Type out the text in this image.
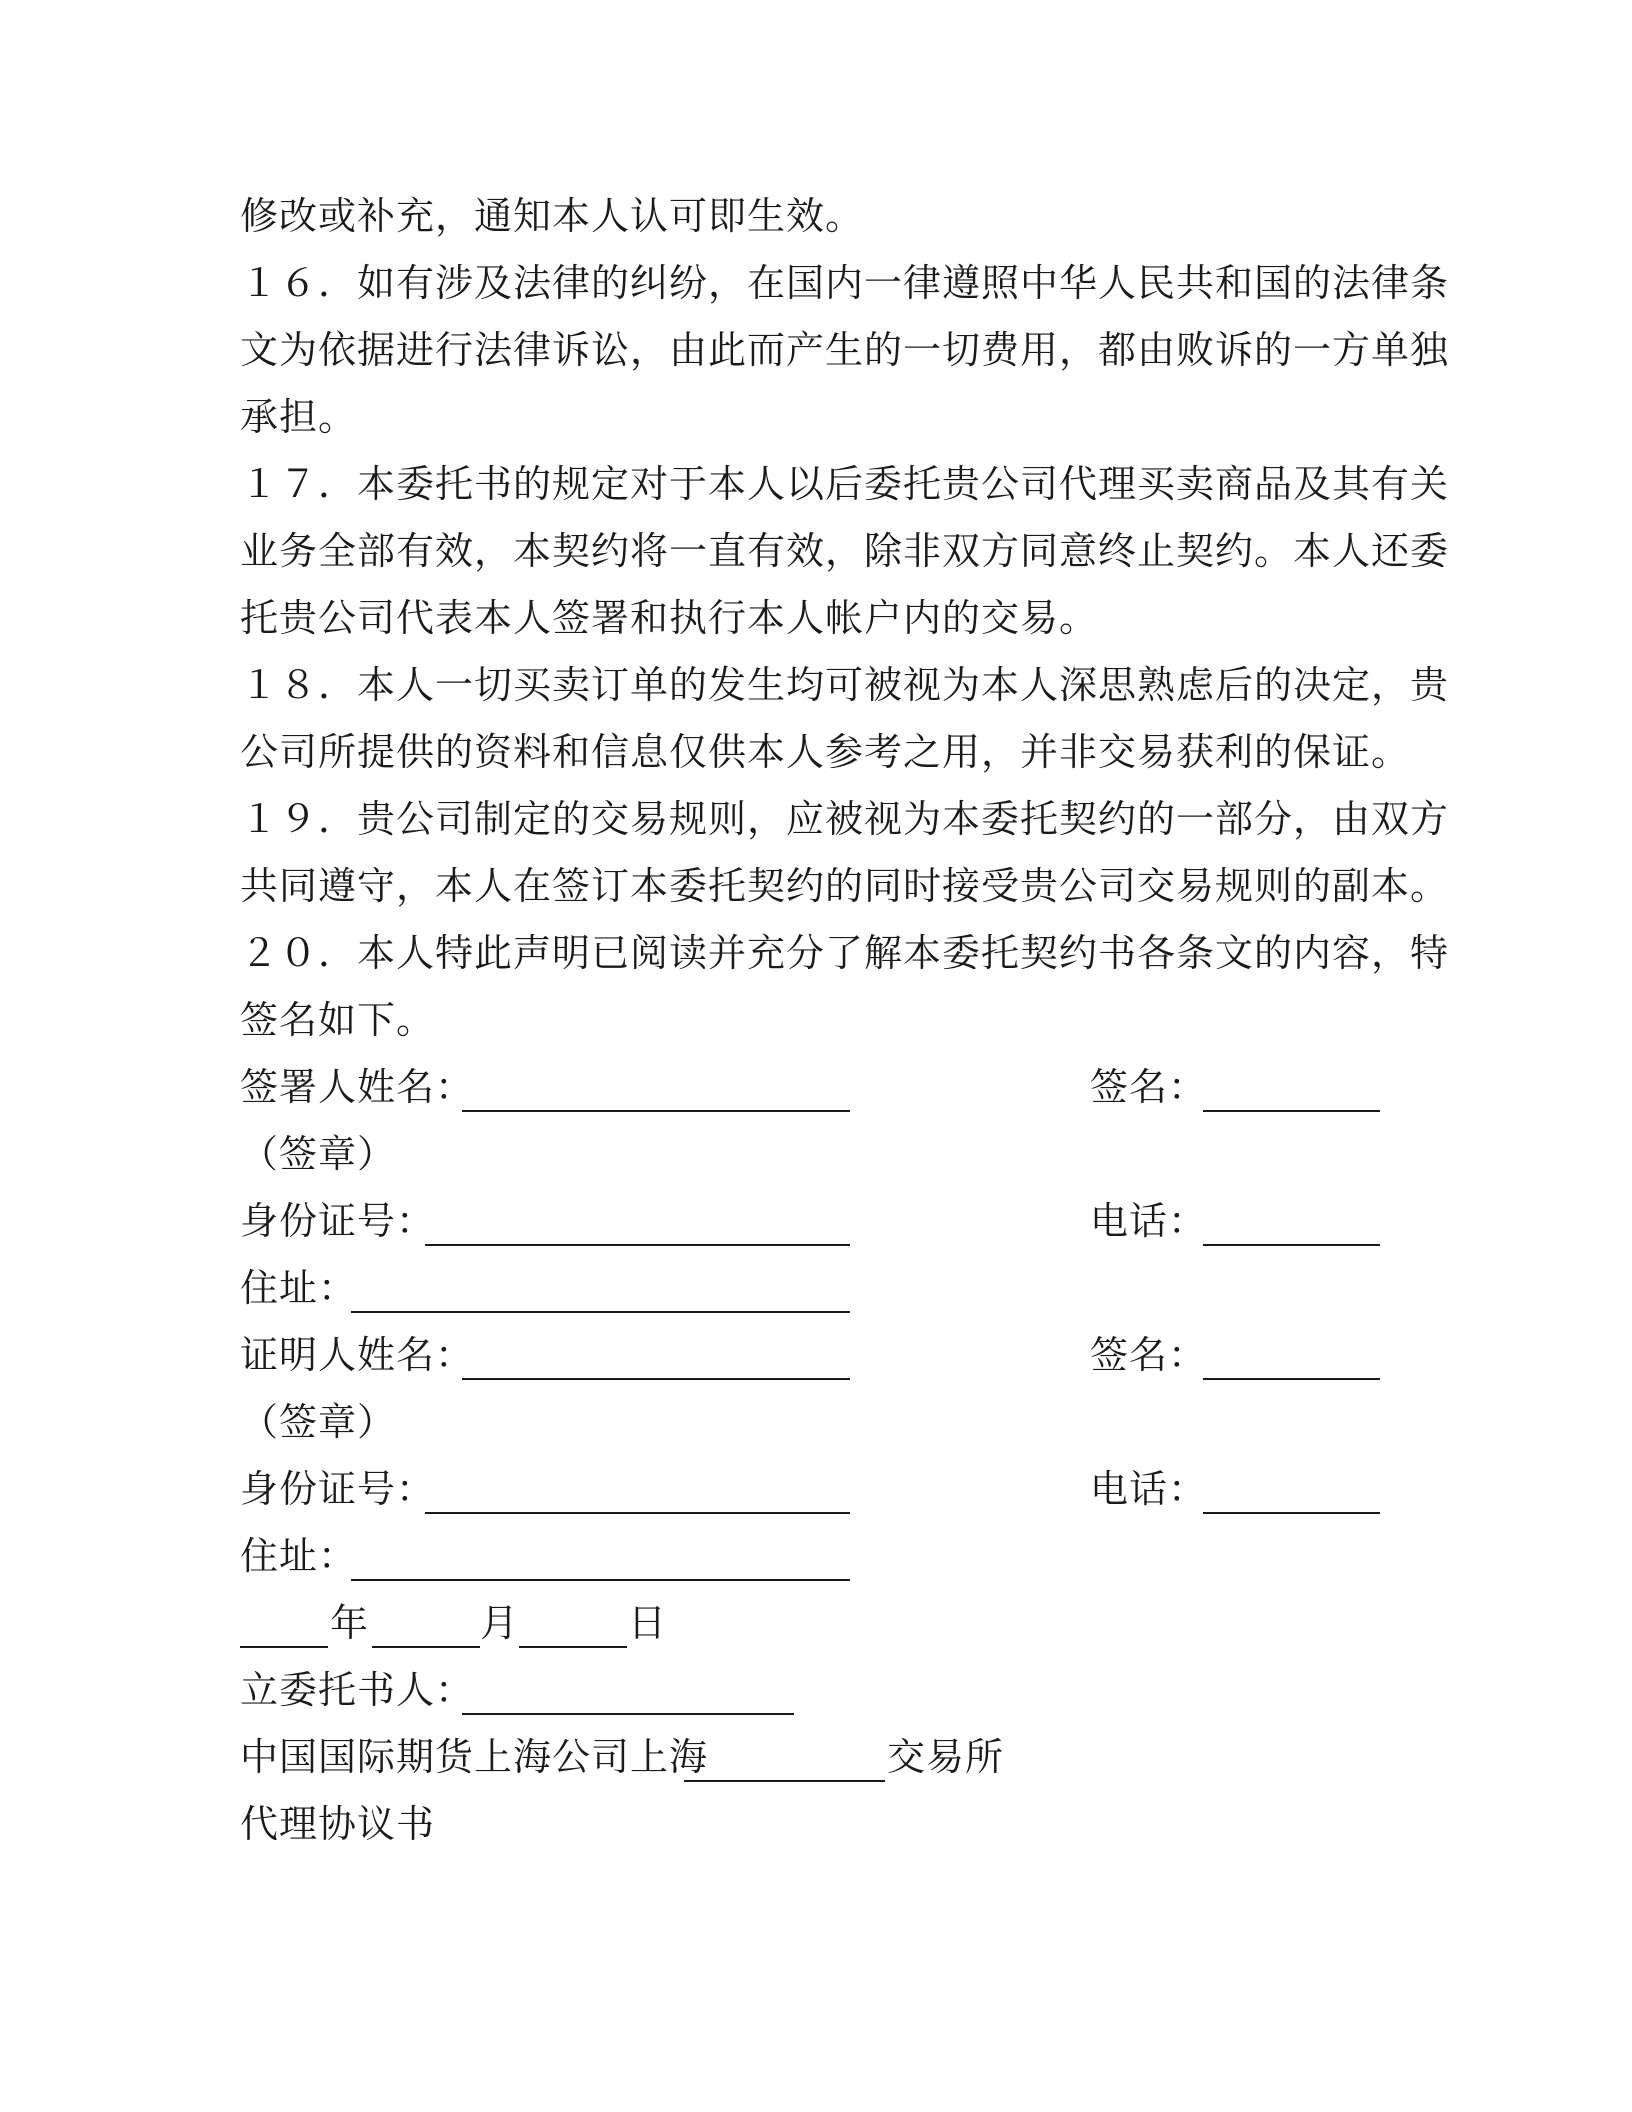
修改或补充，通知本人认可即生效。
１６．如有涉及法律的纠纷，在国内一律遵照中华人民共和国的法律条
文为依据进行法律诉讼，由此而产生的一切费用，都由败诉的一方单独
承担。
１７．本委托书的规定对于本人以后委托贵公司代理买卖商品及其有关
业务全部有效，本契约将一直有效，除非双方同意终止契约。本人还委
托贵公司代表本人签署和执行本人帐户内的交易。
１８．本人一切买卖订单的发生均可被视为本人深思熟虑后的决定，贵
公司所提供的资料和信息仅供本人参考之用，并非交易获利的保证。
１９．贵公司制定的交易规则，应被视为本委托契约的一部分，由双方
共同遵守，本人在签订本委托契约的同时接受贵公司交易规则的副本。
２０．本人特此声明已阅读并充分了解本委托契约书各条文的内容，特
签名如下。
签署人姓名：	签名：
（签章）
身份证号：	电话：
住址：
证明人姓名：	签名：
（签章）
身份证号：	电话：
住址：
年	月	日
立委托书人：
中国国际期货上海公司上海	交易所
代理协议书
